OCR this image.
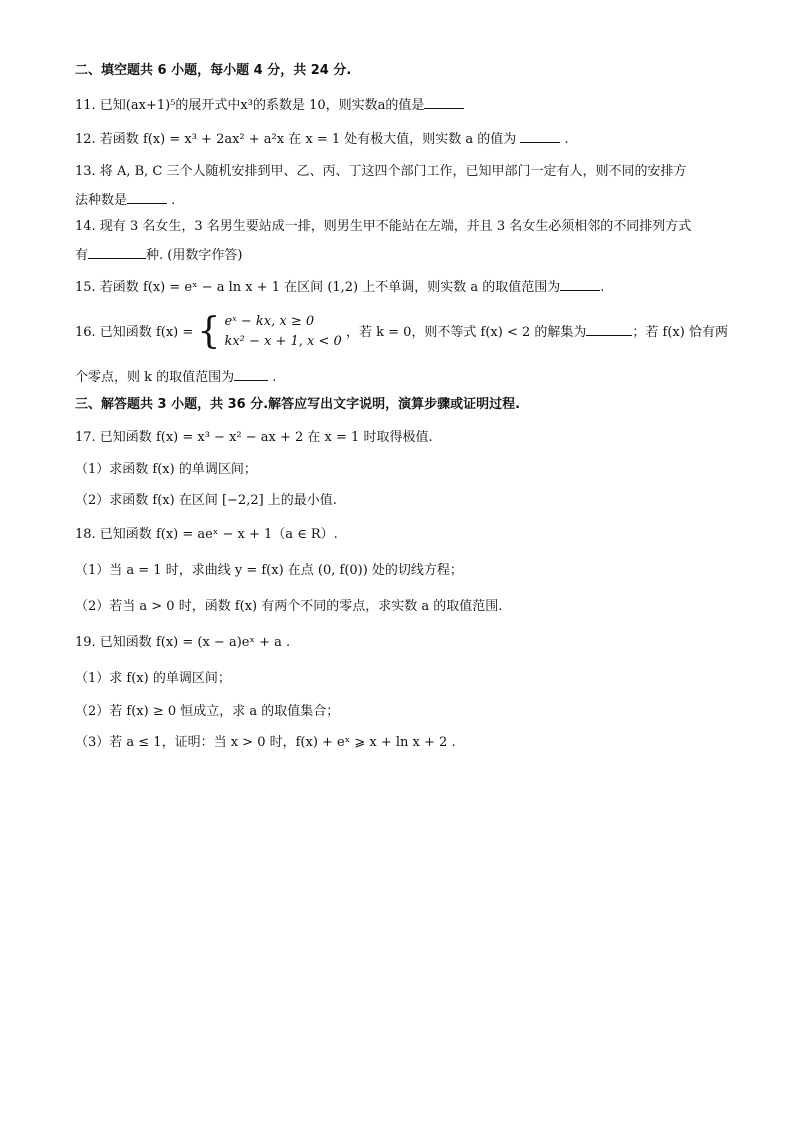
二、填空题共 6 小题，每小题 4 分，共 24 分.
11. 已知(ax+1)⁵的展开式中x³的系数是 10，则实数a的值是
12. 若函数 f(x) = x³ + 2ax² + a²x 在 x = 1 处有极大值，则实数 a 的值为	.
13. 将 A, B, C 三个人随机安排到甲、乙、丙、丁这四个部门工作，已知甲部门一定有人，则不同的安排方
法种数是	.
14. 现有 3 名女生，3 名男生要站成一排，则男生甲不能站在左端，并且 3 名女生必须相邻的不同排列方式
有	种. (用数字作答)
15. 若函数 f(x) = eˣ − a ln x + 1 在区间 (1,2) 上不单调，则实数 a 的取值范围为	.
16. 已知函数 f(x) = { eˣ − kx, x ≥ 0
kx² − x + 1, x < 0
，若 k = 0，则不等式 f(x) < 2 的解集为	；若 f(x) 恰有两
个零点，则 k 的取值范围为	.
三、解答题共 3 小题，共 36 分.解答应写出文字说明，演算步骤或证明过程.
17. 已知函数 f(x) = x³ − x² − ax + 2 在 x = 1 时取得极值.
（1）求函数 f(x) 的单调区间；
（2）求函数 f(x) 在区间 [−2,2] 上的最小值.
18. 已知函数 f(x) = aeˣ − x + 1（a ∈ R）.
（1）当 a = 1 时，求曲线 y = f(x) 在点 (0, f(0)) 处的切线方程；
（2）若当 a > 0 时，函数 f(x) 有两个不同的零点，求实数 a 的取值范围.
19. 已知函数 f(x) = (x − a)eˣ + a .
（1）求 f(x) 的单调区间；
（2）若 f(x) ≥ 0 恒成立，求 a 的取值集合；
（3）若 a ≤ 1，证明：当 x > 0 时，f(x) + eˣ ⩾ x + ln x + 2 .
